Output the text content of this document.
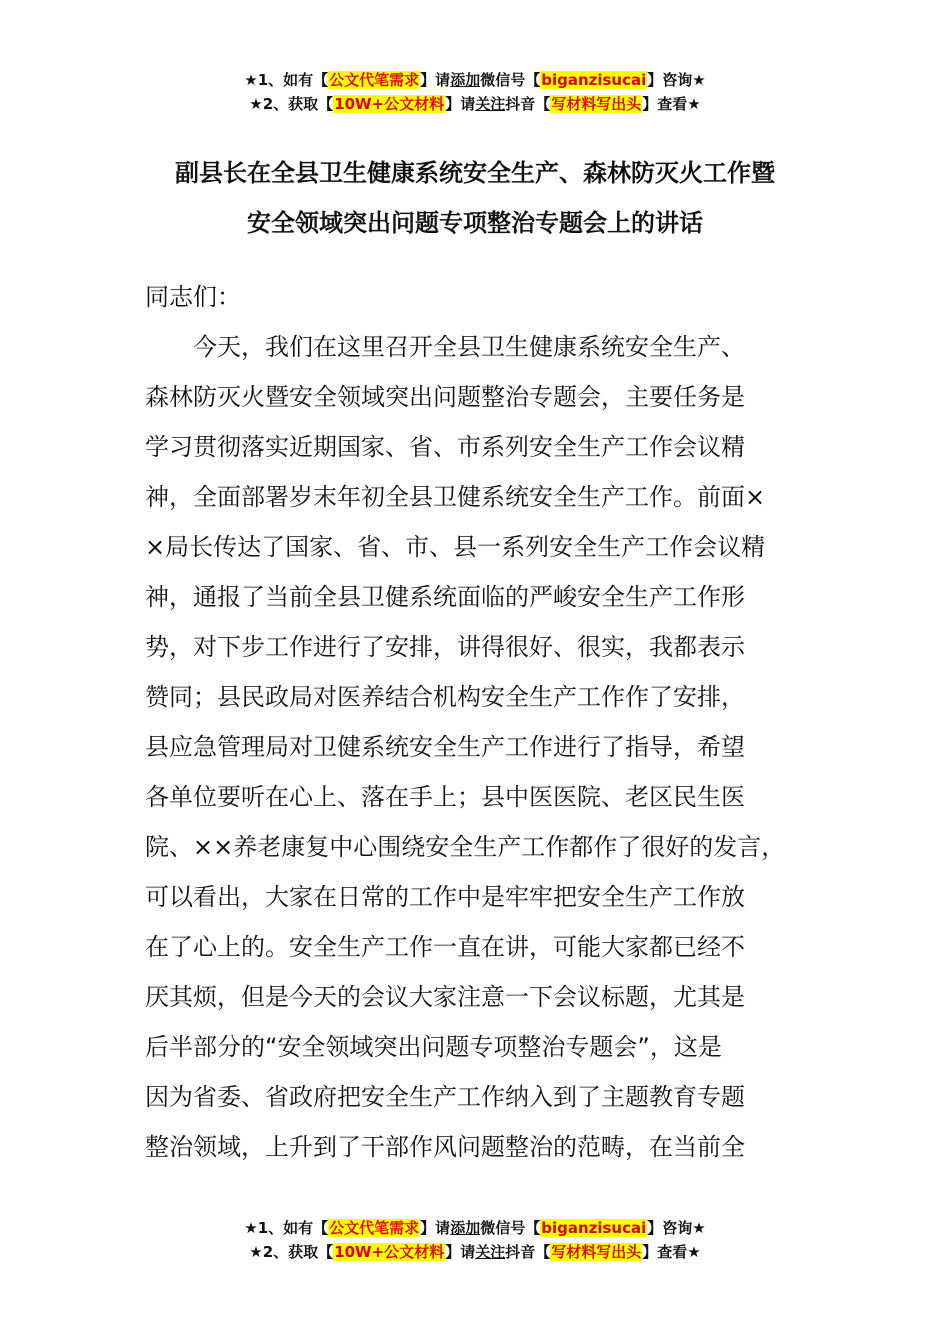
★1、如有【公文代笔需求】请添加微信号【biganzisucai】咨询★
★2、获取【10W+公文材料】请关注抖音【写材料写出头】查看★
副县长在全县卫生健康系统安全生产、森林防灭火工作暨
安全领域突出问题专项整治专题会上的讲话
同志们：
今天，我们在这里召开全县卫生健康系统安全生产、
森林防灭火暨安全领域突出问题整治专题会，主要任务是
学习贯彻落实近期国家、省、市系列安全生产工作会议精
神，全面部署岁末年初全县卫健系统安全生产工作。前面×
×局长传达了国家、省、市、县一系列安全生产工作会议精
神，通报了当前全县卫健系统面临的严峻安全生产工作形
势，对下步工作进行了安排，讲得很好、很实，我都表示
赞同；县民政局对医养结合机构安全生产工作作了安排，
县应急管理局对卫健系统安全生产工作进行了指导，希望
各单位要听在心上、落在手上；县中医医院、老区民生医
院、××养老康复中心围绕安全生产工作都作了很好的发言，
可以看出，大家在日常的工作中是牢牢把安全生产工作放
在了心上的。安全生产工作一直在讲，可能大家都已经不
厌其烦，但是今天的会议大家注意一下会议标题，尤其是
后半部分的“安全领域突出问题专项整治专题会”，这是
因为省委、省政府把安全生产工作纳入到了主题教育专题
整治领域，上升到了干部作风问题整治的范畴，在当前全
★1、如有【公文代笔需求】请添加微信号【biganzisucai】咨询★
★2、获取【10W+公文材料】请关注抖音【写材料写出头】查看★
